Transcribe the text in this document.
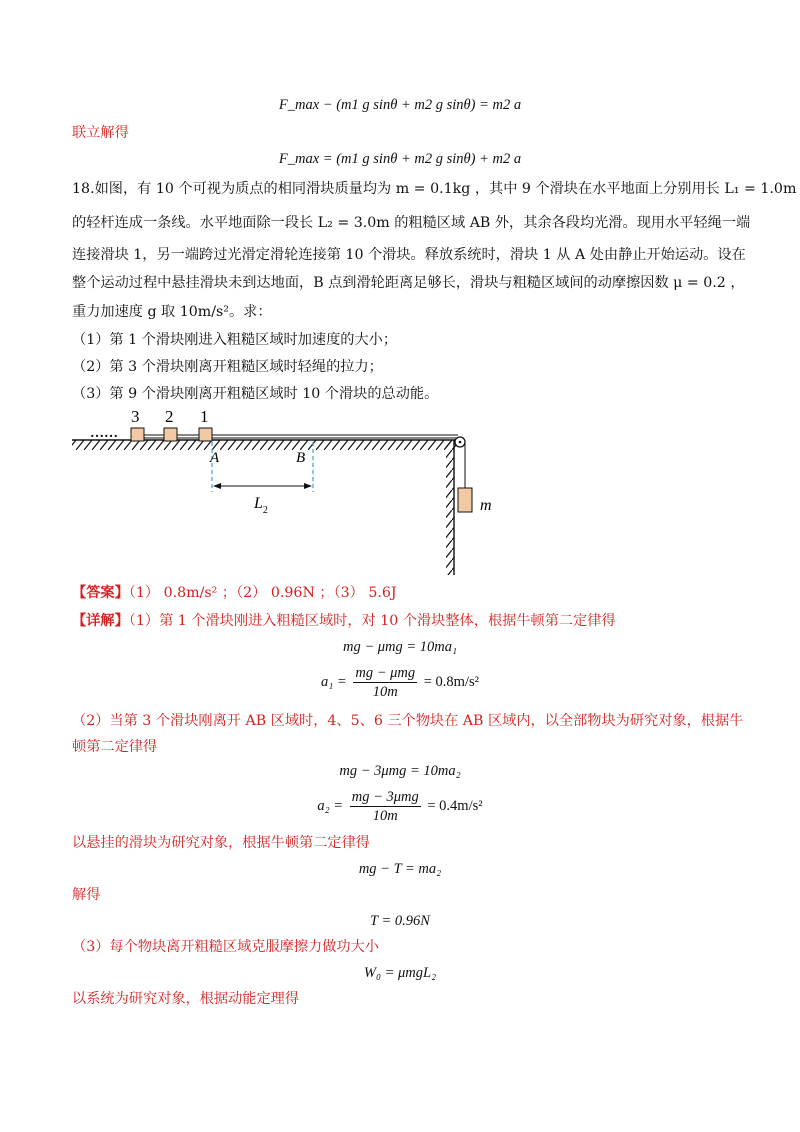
F_max − (m1 g sinθ + m2 g sinθ) = m2 a
联立解得
F_max = (m1 g sinθ + m2 g sinθ) + m2 a
18.如图，有 10 个可视为质点的相同滑块质量均为 m = 0.1kg ，其中 9 个滑块在水平地面上分别用长 L₁ = 1.0m
的轻杆连成一条线。水平地面除一段长 L₂ = 3.0m 的粗糙区域 AB 外，其余各段均光滑。现用水平轻绳一端
连接滑块 1，另一端跨过光滑定滑轮连接第 10 个滑块。释放系统时，滑块 1 从 A 处由静止开始运动。设在
整个运动过程中悬挂滑块未到达地面，B 点到滑轮距离足够长，滑块与粗糙区域间的动摩擦因数 μ = 0.2 ，
重力加速度 g 取 10m/s²。求：
（1）第 1 个滑块刚进入粗糙区域时加速度的大小；
（2）第 3 个滑块刚离开粗糙区域时轻绳的拉力；
（3）第 9 个滑块刚离开粗糙区域时 10 个滑块的总动能。
m
3 2 1
……
A	B
$L_2$
【答案】（1） 0.8m/s² ；（2） 0.96N ；（3） 5.6J
【详解】（1）第 1 个滑块刚进入粗糙区域时，对 10 个滑块整体，根据牛顿第二定律得
mg − μmg = 10ma₁
$a_1 = \frac{\text{mg − μmg}}{10m} = 0.8m/s^2$
（2）当第 3 个滑块刚离开 AB 区域时，4、5、6 三个物块在 AB 区域内，以全部物块为研究对象，根据牛
顿第二定律得
mg − 3μmg = 10ma₂
$a_2 = \frac{\text{mg − 3μmg}}{10m} = 0.4m/s^2$
以悬挂的滑块为研究对象，根据牛顿第二定律得
mg − T = ma₂
解得
T = 0.96N
（3）每个物块离开粗糙区域克服摩擦力做功大小
W₀ = μmgL₂
以系统为研究对象，根据动能定理得
